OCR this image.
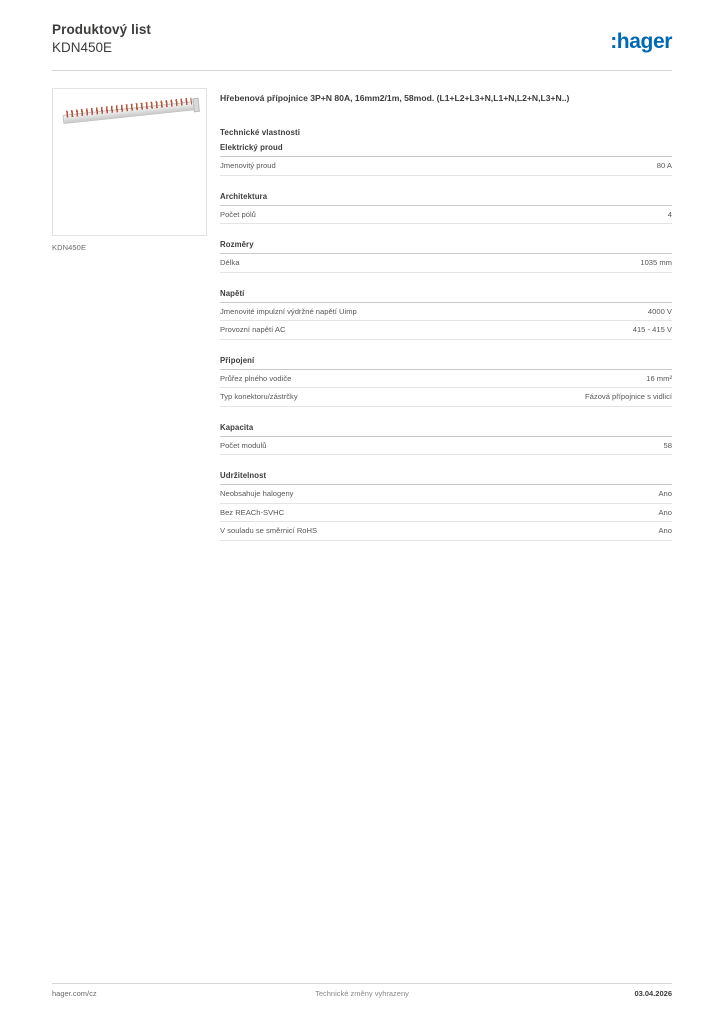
Produktový list
KDN450E	:hager
KDN450E
Hřebenová přípojnice 3P+N 80A, 16mm2/1m, 58mod. (L1+L2+L3+N,L1+N,L2+N,L3+N..)
Technické vlastnosti
Elektrický proud
Jmenovitý proud	80 A
Architektura
Počet pólů	4
Rozměry
Délka	1035 mm
Napětí
Jmenovité impulzní výdržné napětí Uimp	4000 V
Provozní napětí AC	415 - 415 V
Připojení
Průřez plného vodiče	16 mm²
Typ konektoru/zástrčky	Fázová přípojnice s vidlicí
Kapacita
Počet modulů	58
Udržitelnost
Neobsahuje halogeny	Ano
Bez REACh-SVHC	Ano
V souladu se směrnicí RoHS	Ano
hager.com/cz	Technické změny vyhrazeny	03.04.2026
